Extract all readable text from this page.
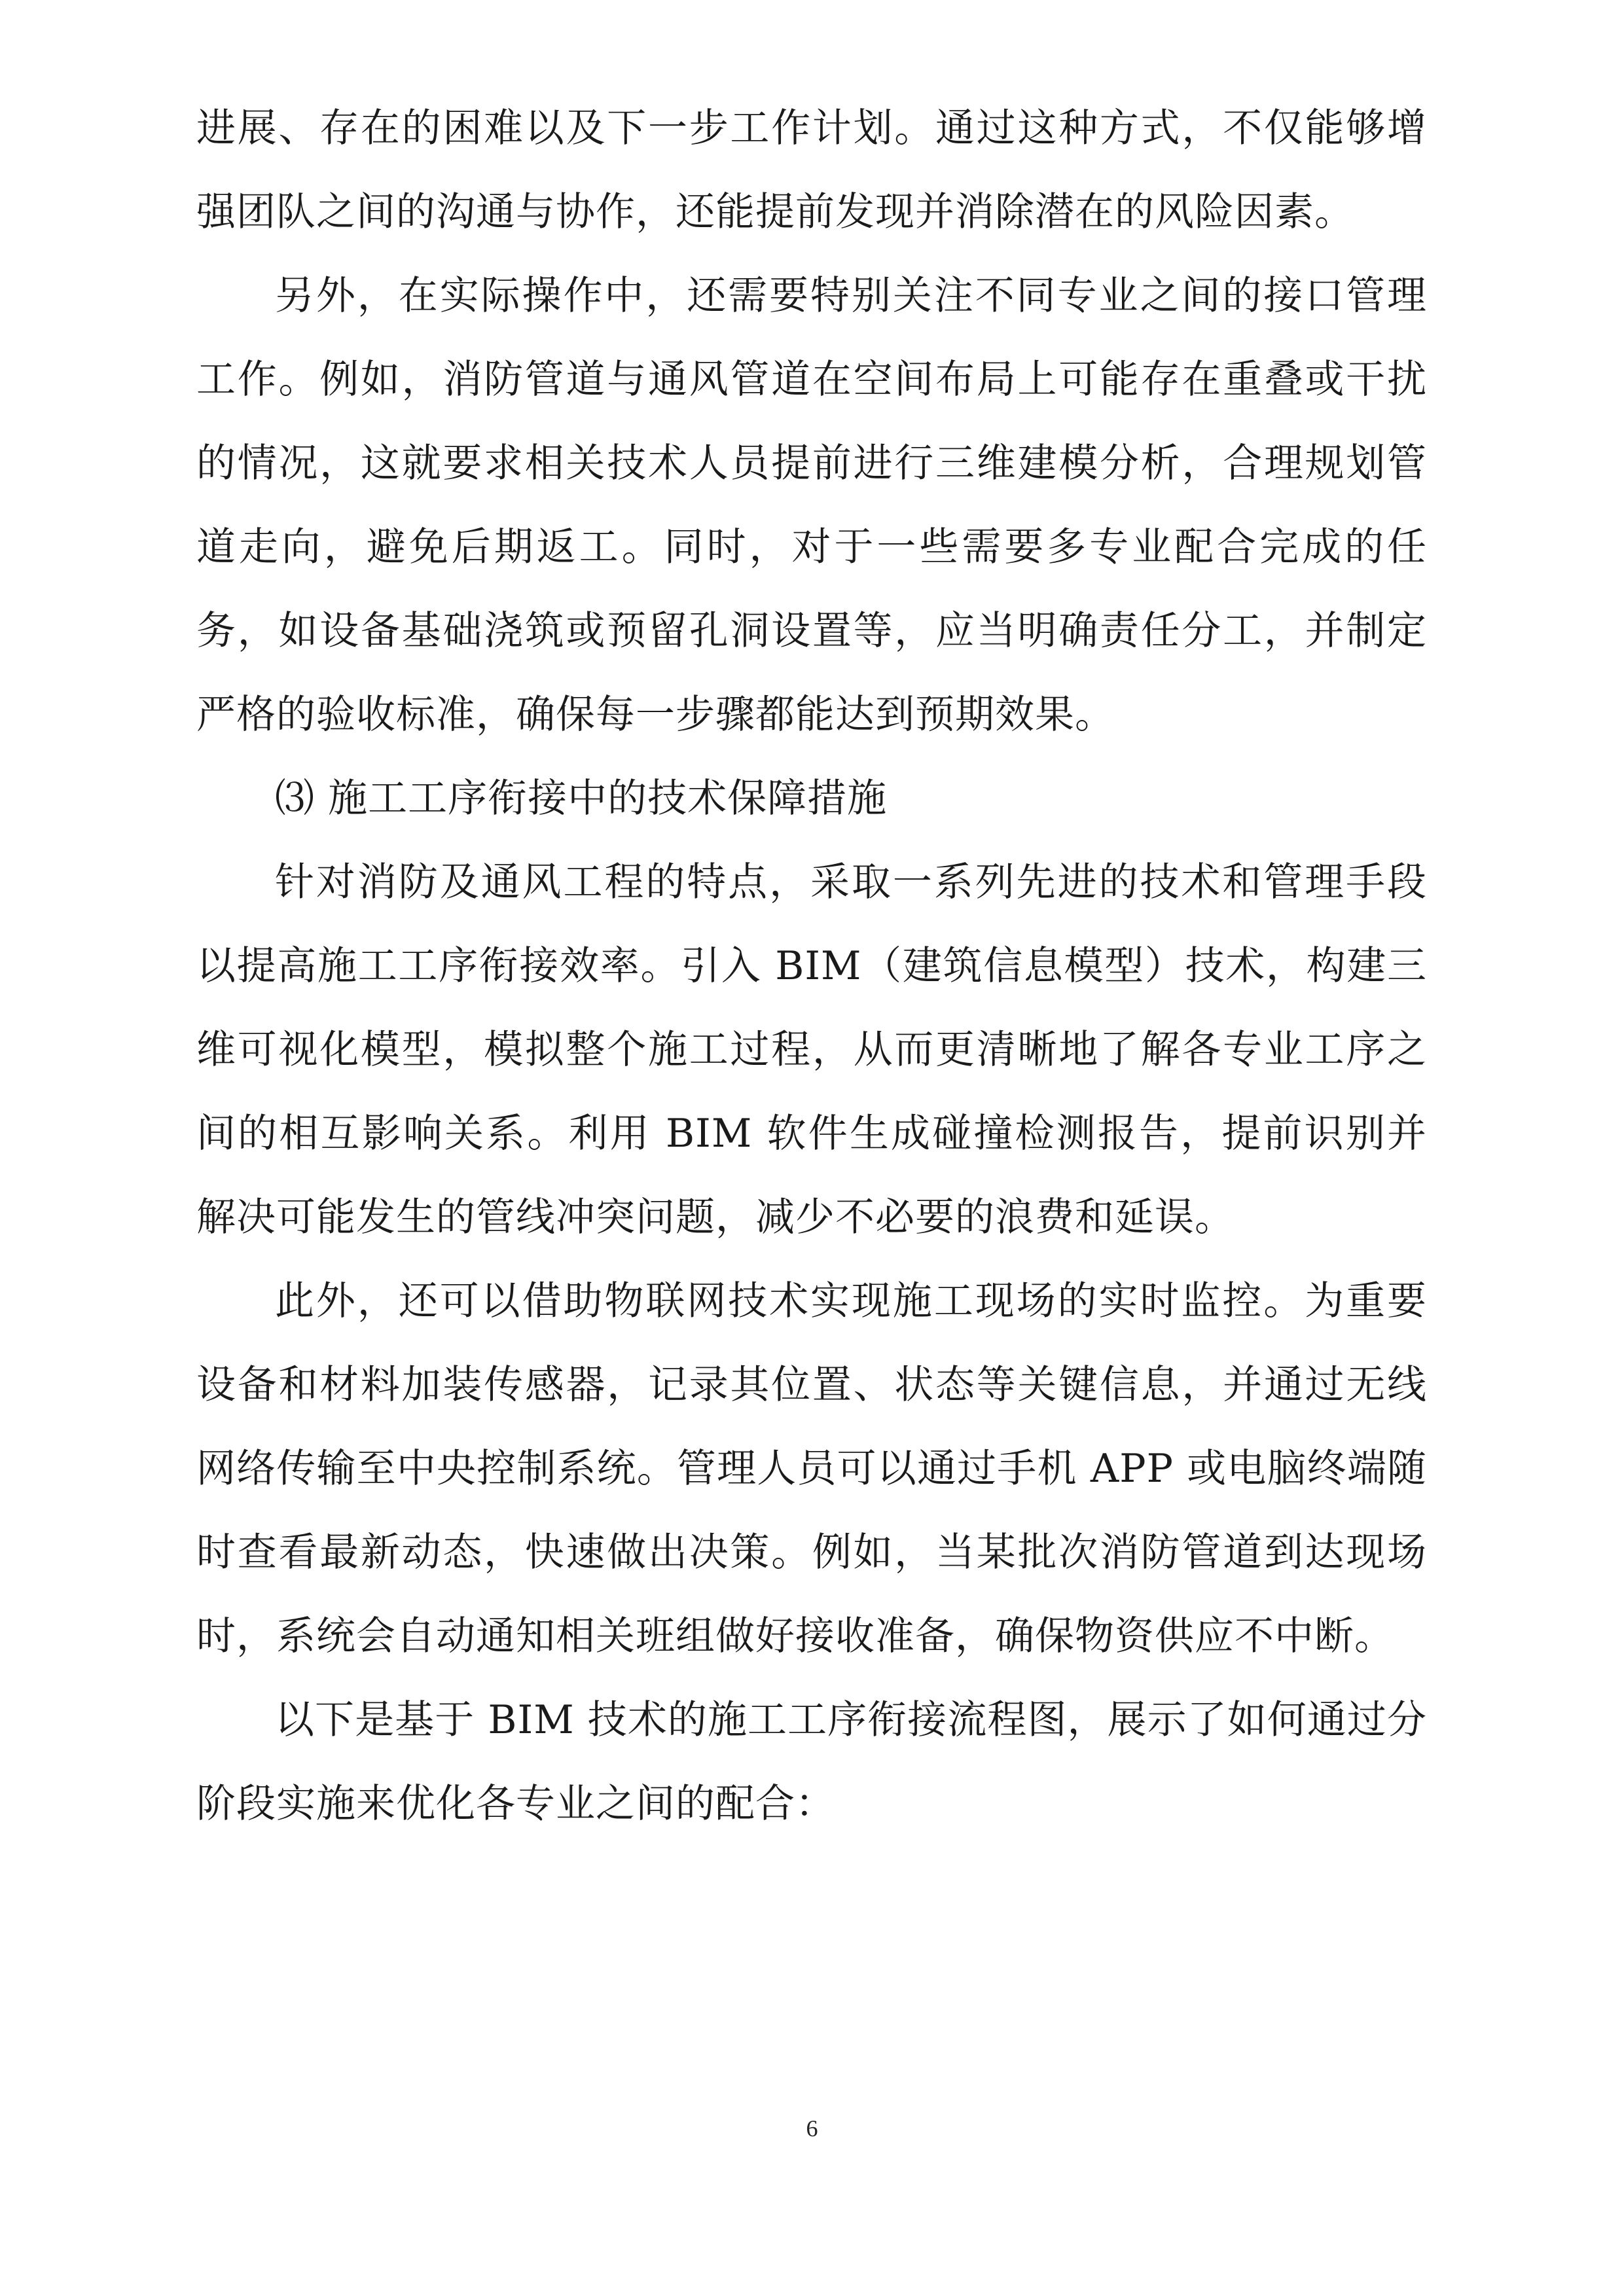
进展、存在的困难以及下一步工作计划。通过这种方式，不仅能够增强团队之间的沟通与协作，还能提前发现并消除潜在的风险因素。

另外，在实际操作中，还需要特别关注不同专业之间的接口管理工作。例如，消防管道与通风管道在空间布局上可能存在重叠或干扰的情况，这就要求相关技术人员提前进行三维建模分析，合理规划管道走向，避免后期返工。同时，对于一些需要多专业配合完成的任务，如设备基础浇筑或预留孔洞设置等，应当明确责任分工，并制定严格的验收标准，确保每一步骤都能达到预期效果。

⑶ 施工工序衔接中的技术保障措施

针对消防及通风工程的特点，采取一系列先进的技术和管理手段以提高施工工序衔接效率。引入 BIM（建筑信息模型）技术，构建三维可视化模型，模拟整个施工过程，从而更清晰地了解各专业工序之间的相互影响关系。利用 BIM 软件生成碰撞检测报告，提前识别并解决可能发生的管线冲突问题，减少不必要的浪费和延误。

此外，还可以借助物联网技术实现施工现场的实时监控。为重要设备和材料加装传感器，记录其位置、状态等关键信息，并通过无线网络传输至中央控制系统。管理人员可以通过手机 APP 或电脑终端随时查看最新动态，快速做出决策。例如，当某批次消防管道到达现场时，系统会自动通知相关班组做好接收准备，确保物资供应不中断。

以下是基于 BIM 技术的施工工序衔接流程图，展示了如何通过分阶段实施来优化各专业之间的配合：

6
